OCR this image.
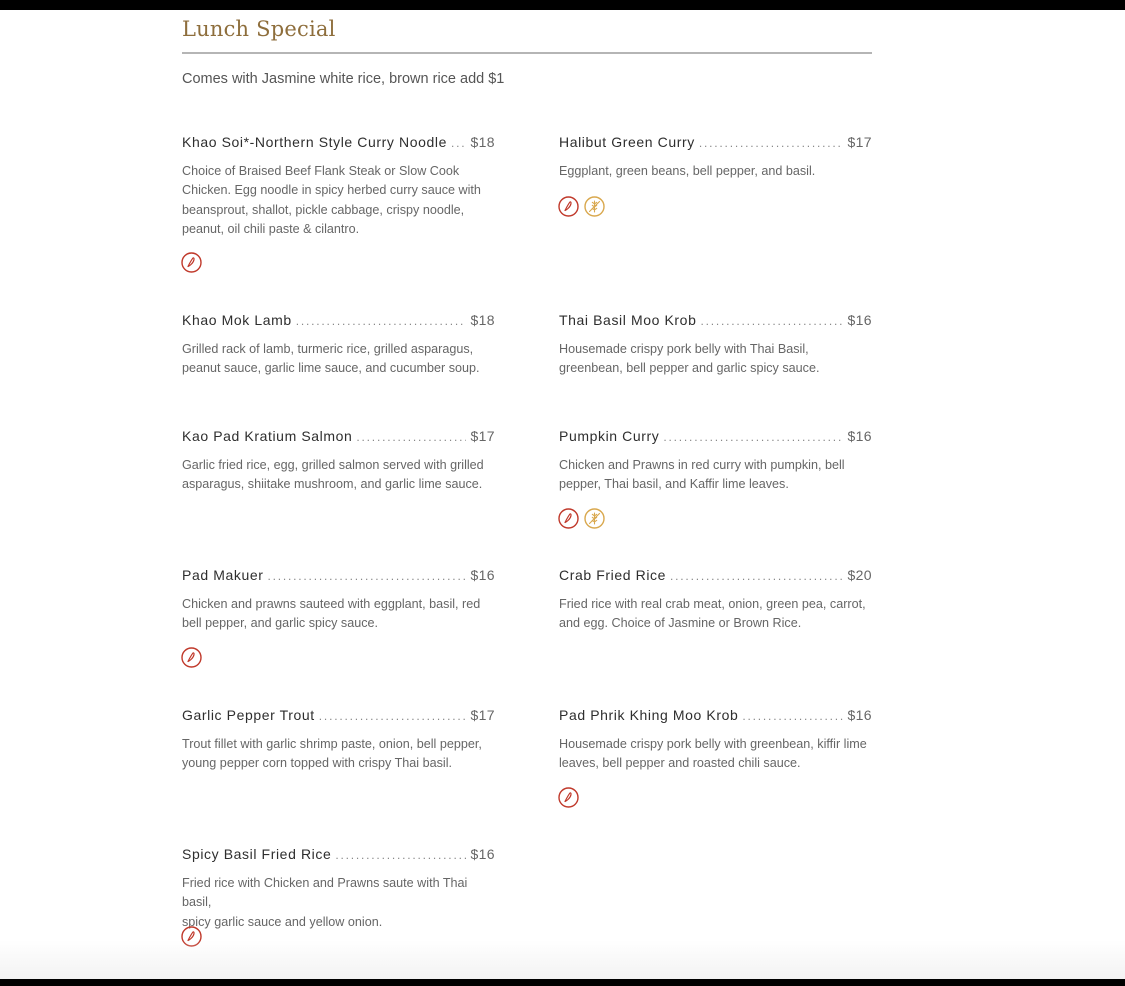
Lunch Special
Comes with Jasmine white rice, brown rice add $1
Khao Soi*-Northern Style Curry Noodle ..... $18
Choice of Braised Beef Flank Steak or Slow Cook
Chicken. Egg noodle in spicy herbed curry sauce with
beansprout, shallot, pickle cabbage, crispy noodle,
peanut, oil chili paste & cilantro.
Halibut Green Curry .....	$17
Eggplant, green beans, bell pepper, and basil.
Khao Mok Lamb .....	$18
Grilled rack of lamb, turmeric rice, grilled asparagus,
peanut sauce, garlic lime sauce, and cucumber soup.
Thai Basil Moo Krob .....	$16
Housemade crispy pork belly with Thai Basil,
greenbean, bell pepper and garlic spicy sauce.
Kao Pad Kratium Salmon .....	$17
Garlic fried rice, egg, grilled salmon served with grilled
asparagus, shiitake mushroom, and garlic lime sauce.
Pumpkin Curry .....	$16
Chicken and Prawns in red curry with pumpkin, bell
pepper, Thai basil, and Kaffir lime leaves.
Pad Makuer .....	$16
Chicken and prawns sauteed with eggplant, basil, red
bell pepper, and garlic spicy sauce.
Crab Fried Rice .....	$20
Fried rice with real crab meat, onion, green pea, carrot,
and egg. Choice of Jasmine or Brown Rice.
Garlic Pepper Trout .....	$17
Trout fillet with garlic shrimp paste, onion, bell pepper,
young pepper corn topped with crispy Thai basil.
Pad Phrik Khing Moo Krob .....	$16
Housemade crispy pork belly with greenbean, kiffir lime
leaves, bell pepper and roasted chili sauce.
Spicy Basil Fried Rice .....	$16
Fried rice with Chicken and Prawns saute with Thai basil,
spicy garlic sauce and yellow onion.
